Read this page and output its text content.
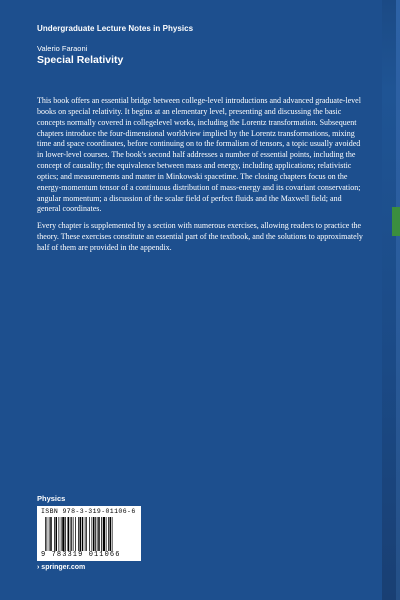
Undergraduate Lecture Notes in Physics
Valerio Faraoni
Special Relativity

This book offers an essential bridge between college-level introductions and advanced graduate-level books on special relativity. It begins at an elementary level, presenting and discussing the basic concepts normally covered in collegelevel works, including the Lorentz transformation. Subsequent chapters introduce the four-dimensional worldview implied by the Lorentz transformations, mixing time and space coordinates, before continuing on to the formalism of tensors, a topic usually avoided in lower-level courses. The book's second half addresses a number of essential points, including the concept of causality; the equivalence between mass and energy, including applications; relativistic optics; and measurements and matter in Minkowski spacetime. The closing chapters focus on the energy-momentum tensor of a continuous distribution of mass-energy and its covariant conservation; angular momentum; a discussion of the scalar field of perfect fluids and the Maxwell field; and general coordinates.

Every chapter is supplemented by a section with numerous exercises, allowing readers to practice the theory. These exercises constitute an essential part of the textbook, and the solutions to approximately half of them are provided in the appendix.

Physics
ISBN 978-3-319-01106-6
9 783319 011066
› springer.com
